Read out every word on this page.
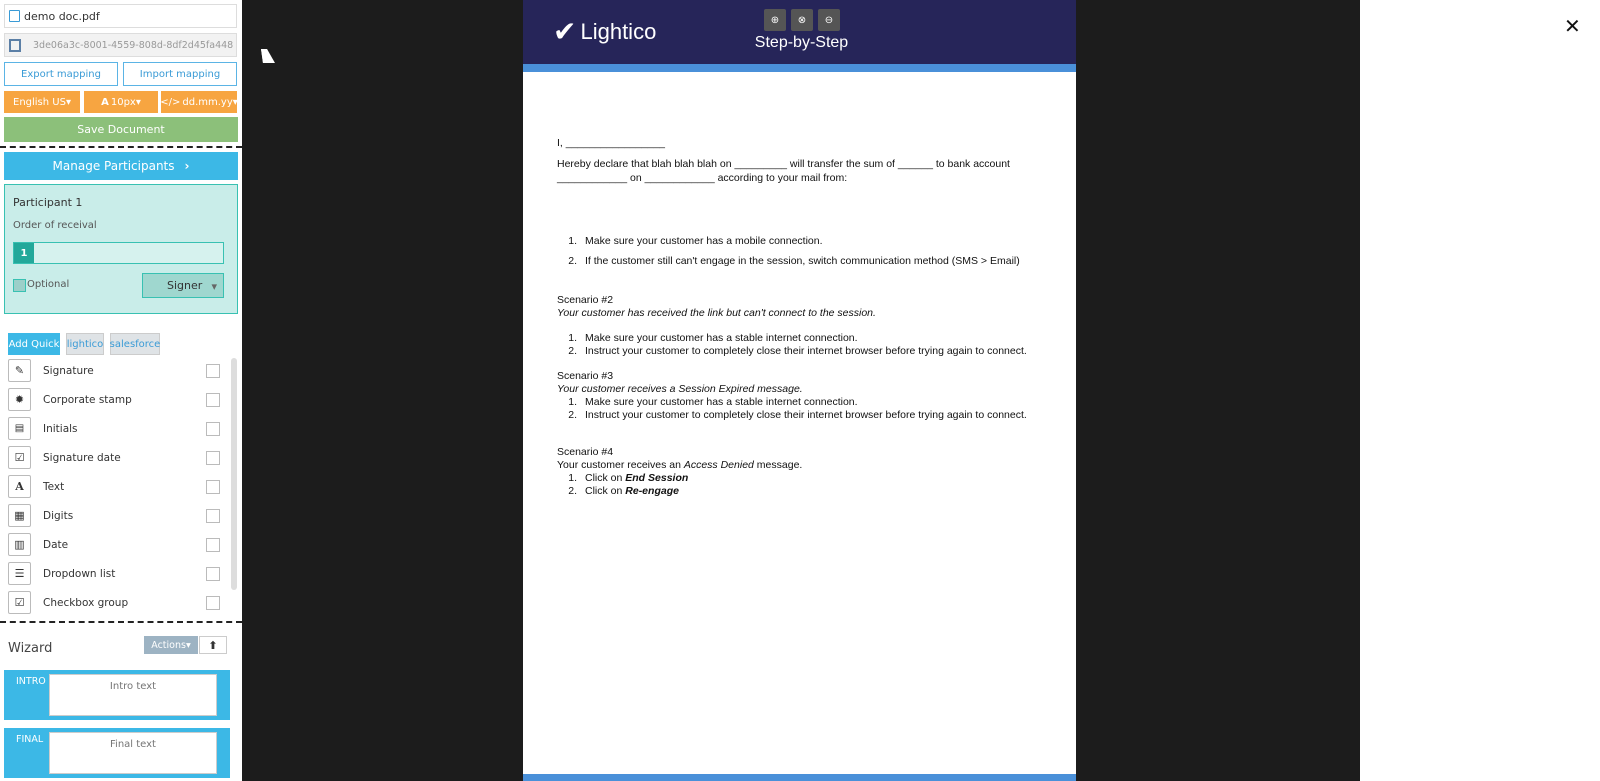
demo doc.pdf
3de06a3c-8001-4559-808d-8df2d45fa448
Export mapping	Import mapping
English US ▾	A 10px ▾ </> dd.mm.yy ▾
Save Document
Manage Participants ›
Participant 1
Order of receival
1
Optional	Signer ▾
Add Quick lightico salesforce
✎	Signature
✹	Corporate stamp
▤	Initials
☑	Signature date
A	Text
▦	Digits
▥	Date
☰	Dropdown list
☑	Checkbox group
Wizard	Actions ▾	⬆
INTRO
Intro text
FINAL
Final text
✔ Lightico	⊕ ⊗ ⊖
Step-by-Step
I, _________________
Hereby declare that blah blah blah on _________ will transfer the sum of ______ to bank account
____________ on ____________ according to your mail from:
1. Make sure your customer has a mobile connection.
2. If the customer still can't engage in the session, switch communication method (SMS > Email)
Scenario #2
Your customer has received the link but can't connect to the session.
1. Make sure your customer has a stable internet connection.
2. Instruct your customer to completely close their internet browser before trying again to connect.
Scenario #3
Your customer receives a Session Expired message.
1. Make sure your customer has a stable internet connection.
2. Instruct your customer to completely close their internet browser before trying again to connect.
Scenario #4
Your customer receives an Access Denied message.
1. Click on End Session
2. Click on Re-engage
✕
